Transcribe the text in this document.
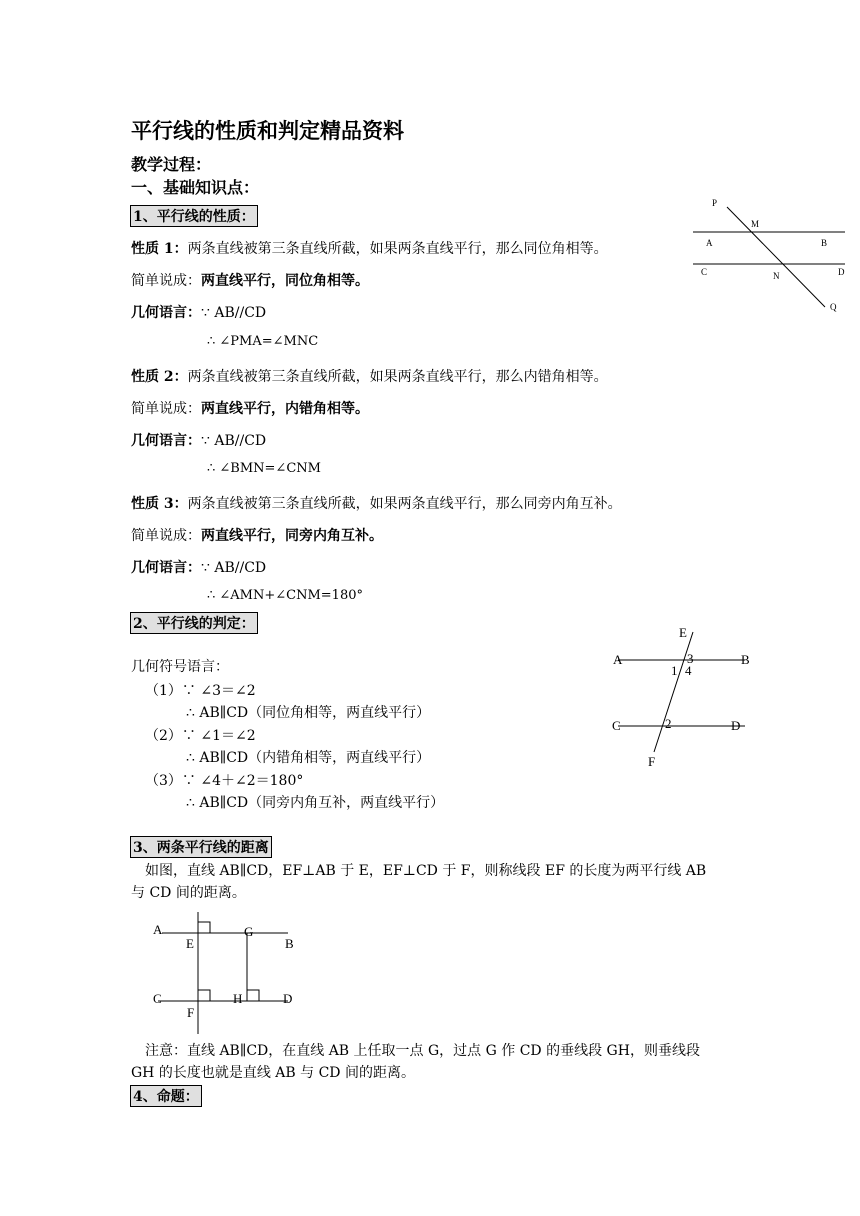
平行线的性质和判定精品资料
教学过程：
一、基础知识点：
1、平行线的性质：
性质 1：两条直线被第三条直线所截，如果两条直线平行，那么同位角相等。
简单说成：两直线平行，同位角相等。
几何语言：∵ AB//CD
∴ ∠PMA=∠MNC
性质 2：两条直线被第三条直线所截，如果两条直线平行，那么内错角相等。
简单说成：两直线平行，内错角相等。
几何语言：∵ AB//CD
∴ ∠BMN=∠CNM
性质 3：两条直线被第三条直线所截，如果两条直线平行，那么同旁内角互补。
简单说成：两直线平行，同旁内角互补。
几何语言：∵ AB//CD
∴ ∠AMN+∠CNM=180°
P
M
A	B
C	N	D
Q
2、平行线的判定：
几何符号语言：
（1）∵ ∠3＝∠2
∴ AB∥CD（同位角相等，两直线平行）
（2）∵ ∠1＝∠2
∴ AB∥CD（内错角相等，两直线平行）
（3）∵ ∠4＋∠2＝180°
∴ AB∥CD（同旁内角互补，两直线平行）
E
A	3	B
1 4
C	2	D
F
3、两条平行线的距离
如图，直线 AB∥CD，EF⊥AB 于 E，EF⊥CD 于 F，则称线段 EF 的长度为两平行线 AB
与 CD 间的距离。
A
E
G
B
C	H	D
F
注意：直线 AB∥CD，在直线 AB 上任取一点 G，过点 G 作 CD 的垂线段 GH，则垂线段
GH 的长度也就是直线 AB 与 CD 间的距离。
4、命题：
